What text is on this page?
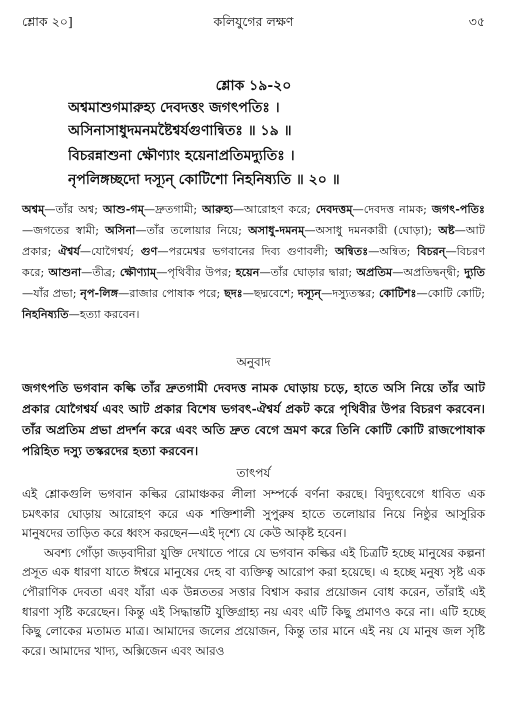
শ্লোক ২০]	কলিযুগের লক্ষণ	৩৫
শ্লোক ১৯-২০
অশ্বমাশুগমারুহ্য দেবদত্তং জগৎপতিঃ ।
অসিনাসাধুদমনমষ্টৈশ্বর্যগুণান্বিতঃ ॥ ১৯ ॥
বিচরন্নাশুনা ক্ষৌণ্যাং হয়েনাপ্রতিমদ্যুতিঃ ।
নৃপলিঙ্গচ্ছদো দস্যূন্ কোটিশো নিহনিষ্যতি ॥ ২০ ॥
অশ্বম্—তাঁর অশ্ব; আশু-গম্—দ্রুতগামী; আরুহ্য—আরোহণ করে; দেবদত্তম্—দেবদত্ত নামক; জগৎ-পতিঃ—জগতের স্বামী; অসিনা—তাঁর তলোয়ার নিয়ে; অসাধু-দমনম্—অসাধু দমনকারী (ঘোড়া); অষ্ট—আট প্রকার; ঐশ্বর্য—যোগৈশ্বর্য; গুণ—পরমেশ্বর ভগবানের দিব্য গুণাবলী; অন্বিতঃ—অন্বিত; বিচরন্—বিচরণ করে; আশুনা—তীব্র; ক্ষৌণ্যাম্—পৃথিবীর উপর; হয়েন—তাঁর ঘোড়ার দ্বারা; অপ্রতিম—অপ্রতিদ্বন্দ্বী; দ্যুতি—যাঁর প্রভা; নৃপ-লিঙ্গ—রাজার পোষাক পরে; ছদঃ—ছদ্মবেশে; দস্যূন্—দস্যুতস্কর; কোটিশঃ—কোটি কোটি; নিহনিষ্যতি—হত্যা করবেন।
অনুবাদ
জগৎপতি ভগবান কল্কি তাঁর দ্রুতগামী দেবদত্ত নামক ঘোড়ায় চড়ে, হাতে অসি নিয়ে তাঁর আট প্রকার যোগৈশ্বর্য এবং আট প্রকার বিশেষ ভগবৎ-ঐশ্বর্য প্রকট করে পৃথিবীর উপর বিচরণ করবেন। তাঁর অপ্রতিম প্রভা প্রদর্শন করে এবং অতি দ্রুত বেগে ভ্রমণ করে তিনি কোটি কোটি রাজপোষাক পরিহিত দস্যু তস্করদের হত্যা করবেন।
তাৎপর্য

এই শ্লোকগুলি ভগবান কল্কির রোমাঞ্চকর লীলা সম্পর্কে বর্ণনা করছে। বিদ্যুৎবেগে ধাবিত এক চমৎকার ঘোড়ায় আরোহণ করে এক শক্তিশালী সুপুরুষ হাতে তলোয়ার নিয়ে নিষ্ঠুর আসুরিক মানুষদের তাড়িত করে ধ্বংস করছেন—এই দৃশ্যে যে কেউ আকৃষ্ট হবেন।

অবশ্য গোঁড়া জড়বাদীরা যুক্তি দেখাতে পারে যে ভগবান কল্কির এই চিত্রটি হচ্ছে মানুষের কল্পনা প্রসূত এক ধারণা যাতে ঈশ্বরে মানুষের দেহ বা ব্যক্তিত্ব আরোপ করা হয়েছে। এ হচ্ছে মনুষ্য সৃষ্ট এক পৌরাণিক দেবতা এবং যাঁরা এক উন্নততর সত্তার বিশ্বাস করার প্রয়োজন বোধ করেন, তাঁরাই এই ধারণা সৃষ্টি করেছেন। কিন্তু এই সিদ্ধান্তটি যুক্তিগ্রাহ্য নয় এবং এটি কিছু প্রমাণও করে না। এটি হচ্ছে কিছু লোকের মতামত মাত্র। আমাদের জলের প্রয়োজন, কিন্তু তার মানে এই নয় যে মানুষ জল সৃষ্টি করে। আমাদের খাদ্য, অক্সিজেন এবং আরও
